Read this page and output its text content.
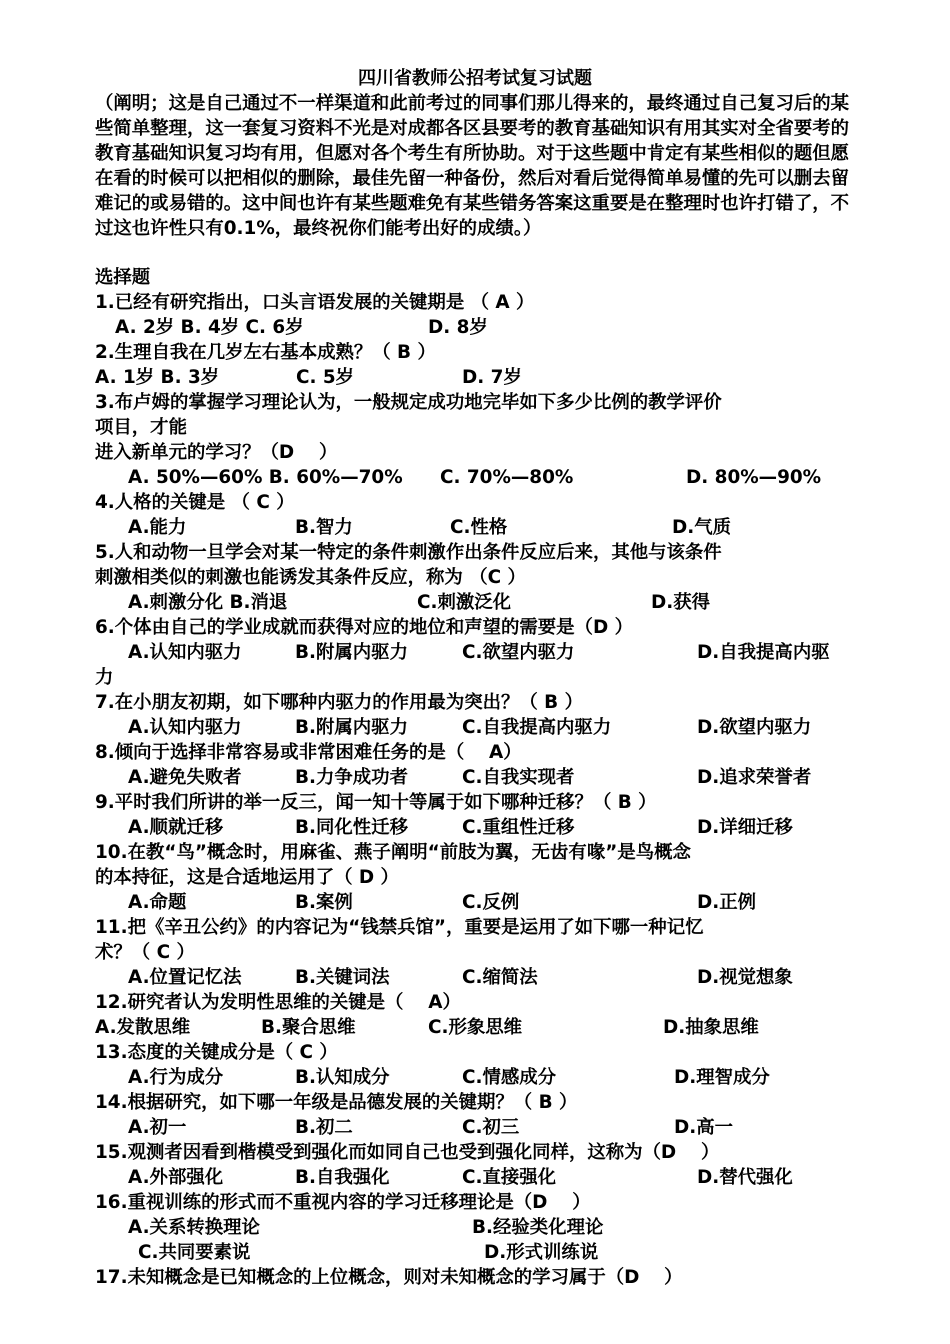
四川省教师公招考试复习试题
（阐明；这是自己通过不一样渠道和此前考过的同事们那儿得来的，最终通过自己复习后的某些简单整理，这一套复习资料不光是对成都各区县要考的教育基础知识有用其实对全省要考的教育基础知识复习均有用，但愿对各个考生有所协助。对于这些题中肯定有某些相似的题但愿在看的时候可以把相似的删除，最佳先留一种备份，然后对看后觉得简单易懂的先可以删去留难记的或易错的。这中间也许有某些题难免有某些错务答案这重要是在整理时也许打错了，不过这也许性只有0.1%，最终祝你们能考出好的成绩。）
选择题
1.已经有研究指出，口头言语发展的关键期是 （ A ）
A. 2岁 B. 4岁 C. 6岁	D. 8岁
2.生理自我在几岁左右基本成熟？（ B ）
A. 1岁 B. 3岁	C. 5岁	D. 7岁
3.布卢姆的掌握学习理论认为，一般规定成功地完毕如下多少比例的教学评价
项目，才能
进入新单元的学习？（D　 ）
A. 50%—60% B. 60%—70% C. 70%—80%	D. 80%—90%
4.人格的关键是 （ C ）
A.能力	B.智力	C.性格	D.气质
5.人和动物一旦学会对某一特定的条件刺激作出条件反应后来，其他与该条件
刺激相类似的刺激也能诱发其条件反应，称为 （C ）
A.刺激分化 B.消退	C.刺激泛化	D.获得
6.个体由自己的学业成就而获得对应的地位和声望的需要是（D ）
A.认知内驱力	B.附属内驱力	C.欲望内驱力	D.自我提高内驱
力
7.在小朋友初期，如下哪种内驱力的作用最为突出？（ B ）
A.认知内驱力	B.附属内驱力	C.自我提高内驱力	D.欲望内驱力
8.倾向于选择非常容易或非常困难任务的是（　 A）
A.避免失败者	B.力争成功者	C.自我实现者	D.追求荣誉者
9.平时我们所讲的举一反三，闻一知十等属于如下哪种迁移？（ B ）
A.顺就迁移	B.同化性迁移	C.重组性迁移	D.详细迁移
10.在教“鸟”概念时，用麻雀、燕子阐明“前肢为翼，无齿有喙”是鸟概念
的本持征，这是合适地运用了（ D ）
A.命题	B.案例	C.反例	D.正例
11.把《辛丑公约》的内容记为“钱禁兵馆”，重要是运用了如下哪一种记忆
术？（ C ）
A.位置记忆法	B.关键词法	C.缩简法	D.视觉想象
12.研究者认为发明性思维的关键是（　 A）
A.发散思维	B.聚合思维	C.形象思维	D.抽象思维
13.态度的关键成分是（ C ）
A.行为成分	B.认知成分	C.情感成分	D.理智成分
14.根据研究，如下哪一年级是品德发展的关键期？（ B ）
A.初一	B.初二	C.初三	D.高一
15.观测者因看到楷模受到强化而如同自己也受到强化同样，这称为（D　 ）
A.外部强化	B.自我强化	C.直接强化	D.替代强化
16.重视训练的形式而不重视内容的学习迁移理论是（D　 ）
A.关系转换理论	B.经验类化理论
C.共同要素说	D.形式训练说
17.未知概念是已知概念的上位概念，则对未知概念的学习属于（D　 ）
